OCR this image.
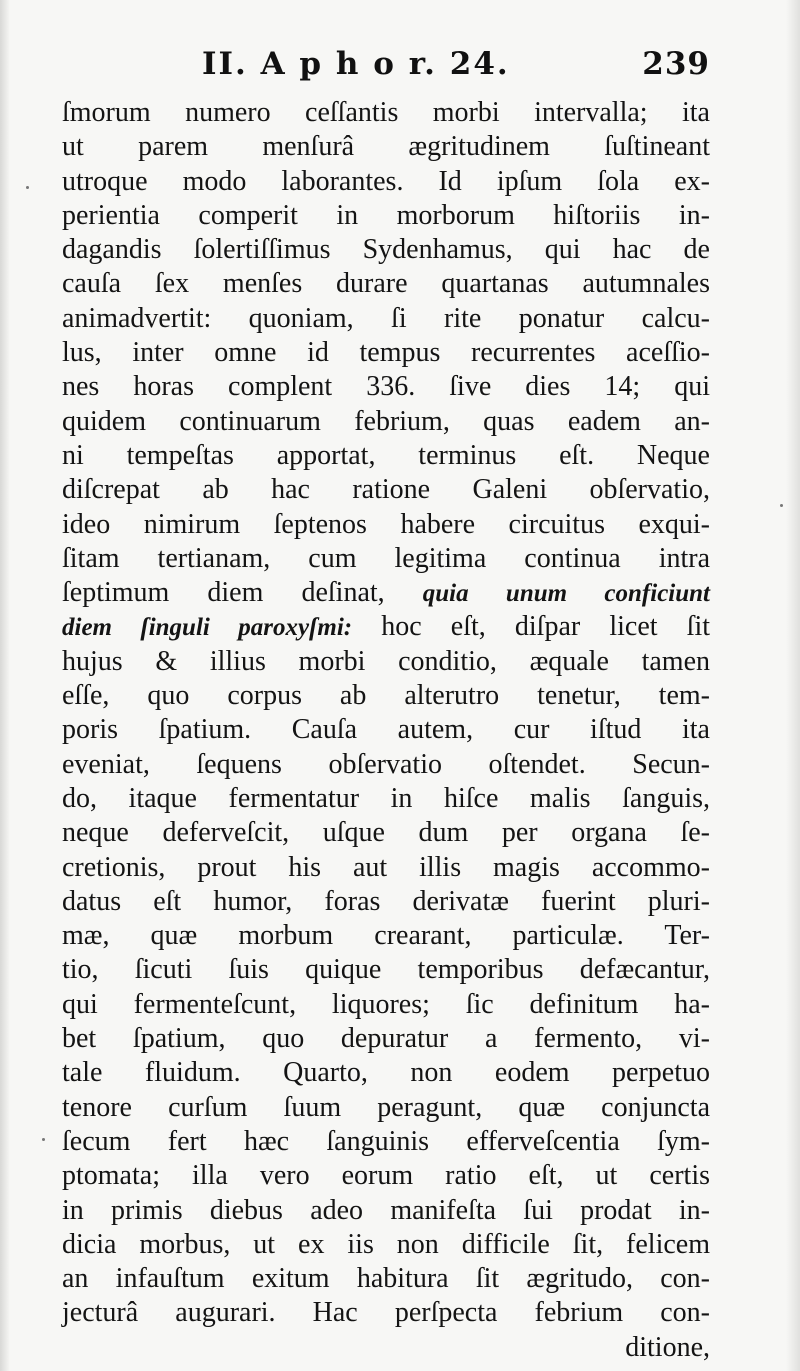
II. A p h o r. 24.	239
ſmorum numero ceſſantis morbi intervalla; ita
ut parem menſurâ ægritudinem ſuſtineant
utroque modo laborantes. Id ipſum ſola ex-
perientia comperit in morborum hiſtoriis in-
dagandis ſolertiſſimus Sydenhamus, qui hac de
cauſa ſex menſes durare quartanas autumnales
animadvertit: quoniam, ſi rite ponatur calcu-
lus, inter omne id tempus recurrentes aceſſio-
nes horas complent 336. ſive dies 14; qui
quidem continuarum febrium, quas eadem an-
ni tempeſtas apportat, terminus eſt. Neque
diſcrepat ab hac ratione Galeni obſervatio,
ideo nimirum ſeptenos habere circuitus exqui-
ſitam tertianam, cum legitima continua intra
ſeptimum diem deſinat, quia unum conficiunt
diem ſinguli paroxyſmi: hoc eſt, diſpar licet ſit
hujus & illius morbi conditio, æquale tamen
eſſe, quo corpus ab alterutro tenetur, tem-
poris ſpatium. Cauſa autem, cur iſtud ita
eveniat, ſequens obſervatio oſtendet. Secun-
do, itaque fermentatur in hiſce malis ſanguis,
neque deferveſcit, uſque dum per organa ſe-
cretionis, prout his aut illis magis accommo-
datus eſt humor, foras derivatæ fuerint pluri-
mæ, quæ morbum crearant, particulæ. Ter-
tio, ſicuti ſuis quique temporibus defæcantur,
qui fermenteſcunt, liquores; ſic definitum ha-
bet ſpatium, quo depuratur a fermento, vi-
tale fluidum. Quarto, non eodem perpetuo
tenore curſum ſuum peragunt, quæ conjuncta
ſecum fert hæc ſanguinis efferveſcentia ſym-
ptomata; illa vero eorum ratio eſt, ut certis
in primis diebus adeo manifeſta ſui prodat in-
dicia morbus, ut ex iis non difficile ſit, felicem
an infauſtum exitum habitura ſit ægritudo, con-
jecturâ augurari. Hac perſpecta febrium con-
ditione,
